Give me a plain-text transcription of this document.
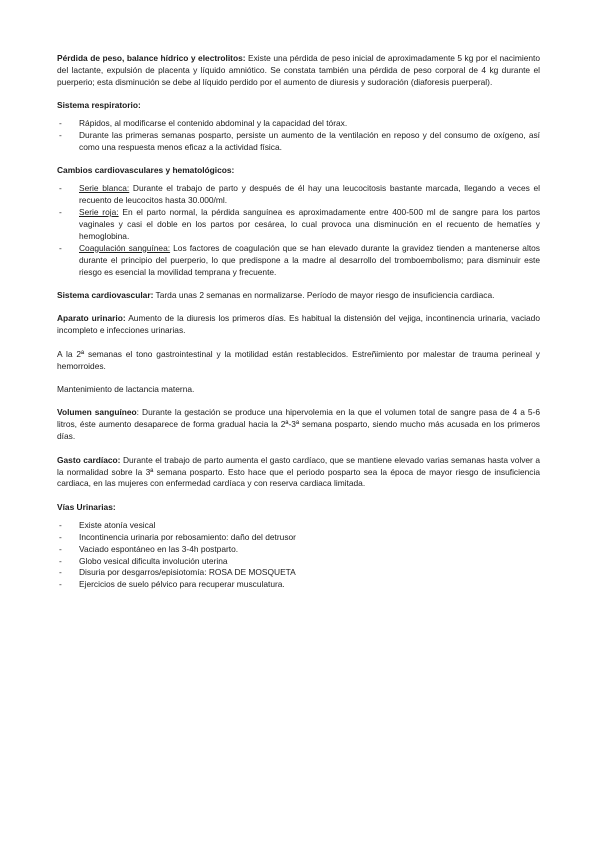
Pérdida de peso, balance hídrico y electrolitos: Existe una pérdida de peso inicial de aproximadamente 5 kg por el nacimiento del lactante, expulsión de placenta y líquido amniótico. Se constata también una pérdida de peso corporal de 4 kg durante el puerperio; esta disminución se debe al líquido perdido por el aumento de diuresis y sudoración (diaforesis puerperal).

Sistema respiratorio:
- Rápidos, al modificarse el contenido abdominal y la capacidad del tórax.
- Durante las primeras semanas posparto, persiste un aumento de la ventilación en reposo y del consumo de oxígeno, así como una respuesta menos eficaz a la actividad física.
Cambios cardiovasculares y hematológicos:
- Serie blanca: Durante el trabajo de parto y después de él hay una leucocitosis bastante marcada, llegando a veces el recuento de leucocitos hasta 30.000/ml.
- Serie roja: En el parto normal, la pérdida sanguínea es aproximadamente entre 400-500 ml de sangre para los partos vaginales y casi el doble en los partos por cesárea, lo cual provoca una disminución en el recuento de hematíes y hemoglobina.
- Coagulación sanguínea: Los factores de coagulación que se han elevado durante la gravidez tienden a mantenerse altos durante el principio del puerperio, lo que predispone a la madre al desarrollo del tromboembolismo; para disminuir este riesgo es esencial la movilidad temprana y frecuente.

Sistema cardiovascular: Tarda unas 2 semanas en normalizarse. Período de mayor riesgo de insuficiencia cardiaca.

Aparato urinario: Aumento de la diuresis los primeros días. Es habitual la distensión del vejiga, incontinencia urinaria, vaciado incompleto e infecciones urinarias.

A la 2ª semanas el tono gastrointestinal y la motilidad están restablecidos. Estreñimiento por malestar de trauma perineal y hemorroides.

Mantenimiento de lactancia materna.

Volumen sanguíneo: Durante la gestación se produce una hipervolemia en la que el volumen total de sangre pasa de 4 a 5-6 litros, éste aumento desaparece de forma gradual hacia la 2ª-3ª semana posparto, siendo mucho más acusada en los primeros días.

Gasto cardíaco: Durante el trabajo de parto aumenta el gasto cardíaco, que se mantiene elevado varias semanas hasta volver a la normalidad sobre la 3ª semana posparto. Esto hace que el periodo posparto sea la época de mayor riesgo de insuficiencia cardiaca, en las mujeres con enfermedad cardíaca y con reserva cardiaca limitada.

Vías Urinarias:
- Existe atonía vesical
- Incontinencia urinaria por rebosamiento: daño del detrusor
- Vaciado espontáneo en las 3-4h postparto.
- Globo vesical dificulta involución uterina
- Disuria por desgarros/episiotomía: ROSA DE MOSQUETA
- Ejercicios de suelo pélvico para recuperar musculatura.
